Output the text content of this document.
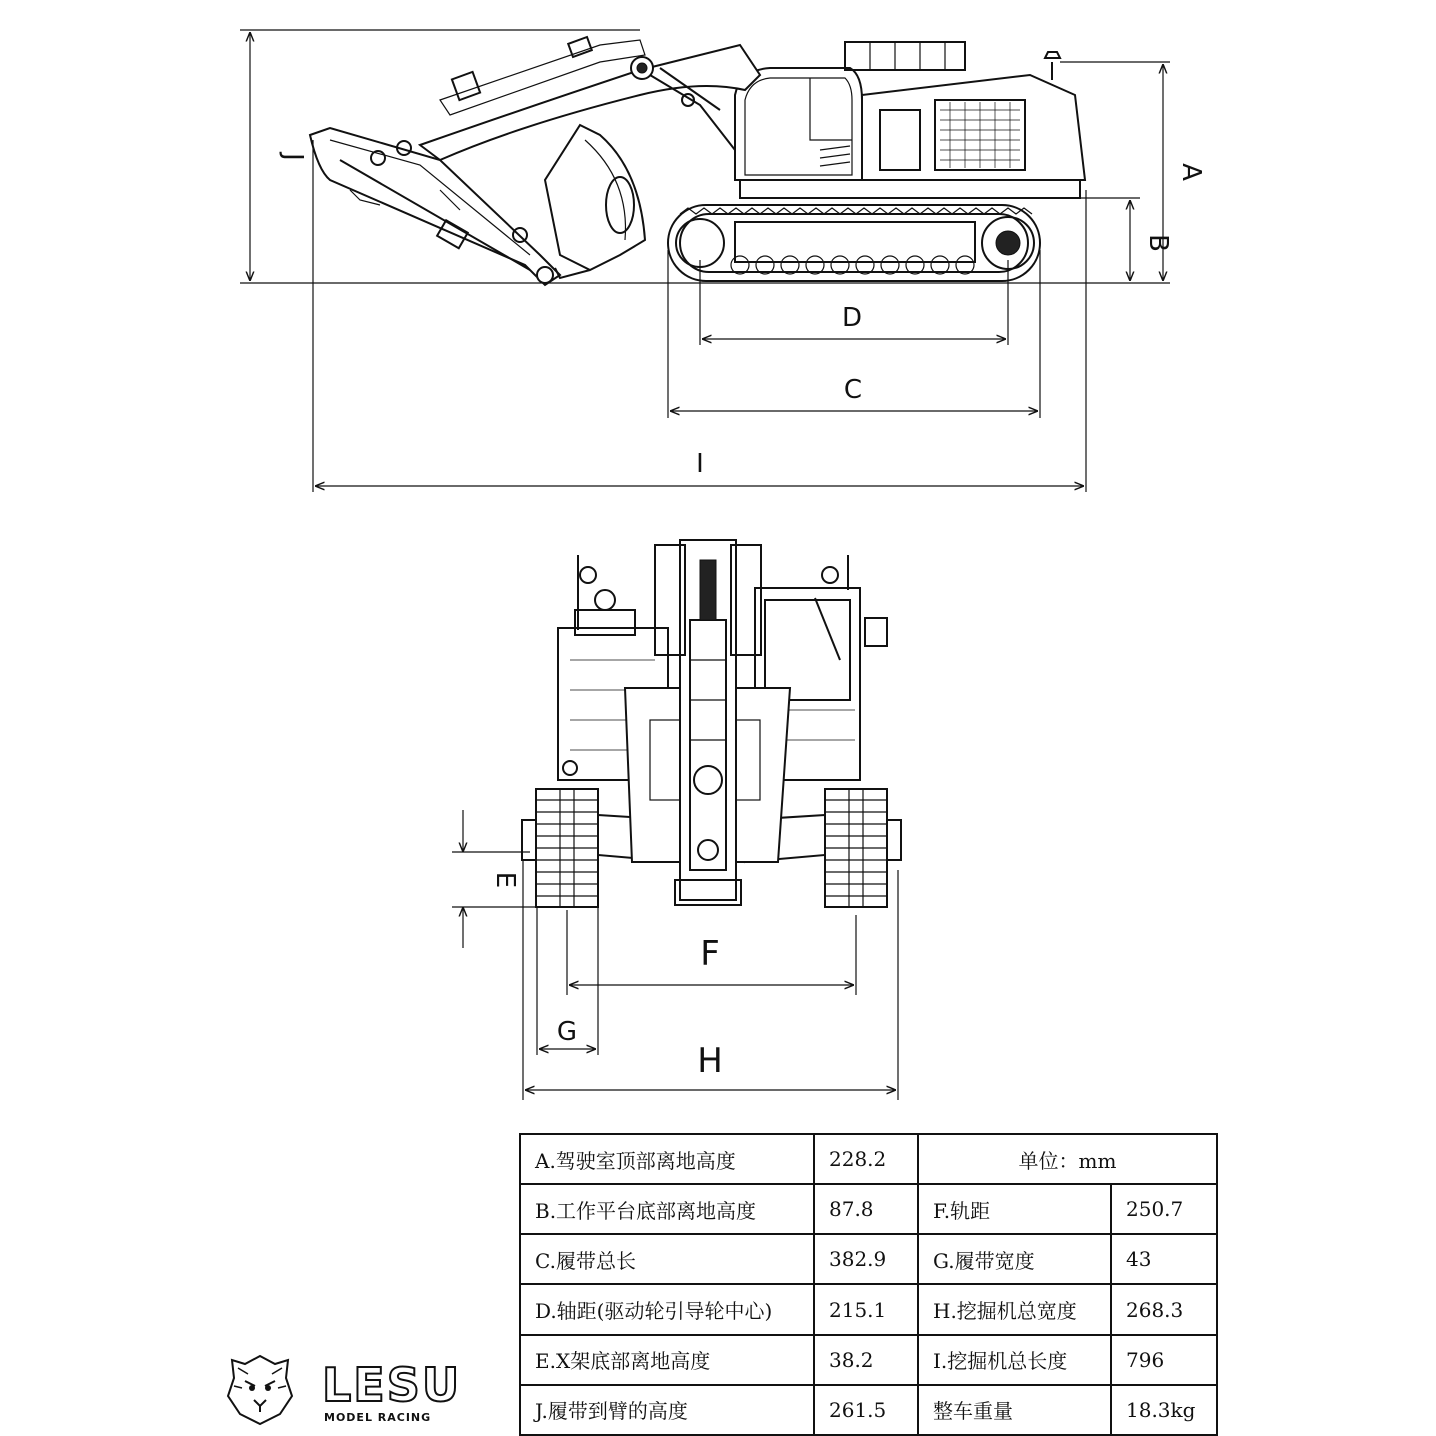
A
B
J
D
C
I
E
F
G
H
LESU
MODEL RACING
A.驾驶室顶部离地高度	228.2	单位：mm	
B.工作平台底部离地高度	87.8	F.轨距	250.7
C.履带总长	382.9	G.履带宽度	43
D.轴距(驱动轮引导轮中心)	215.1	H.挖掘机总宽度	268.3
E.X架底部离地高度	38.2	I.挖掘机总长度	796
J.履带到臂的高度	261.5	整车重量	18.3kg
